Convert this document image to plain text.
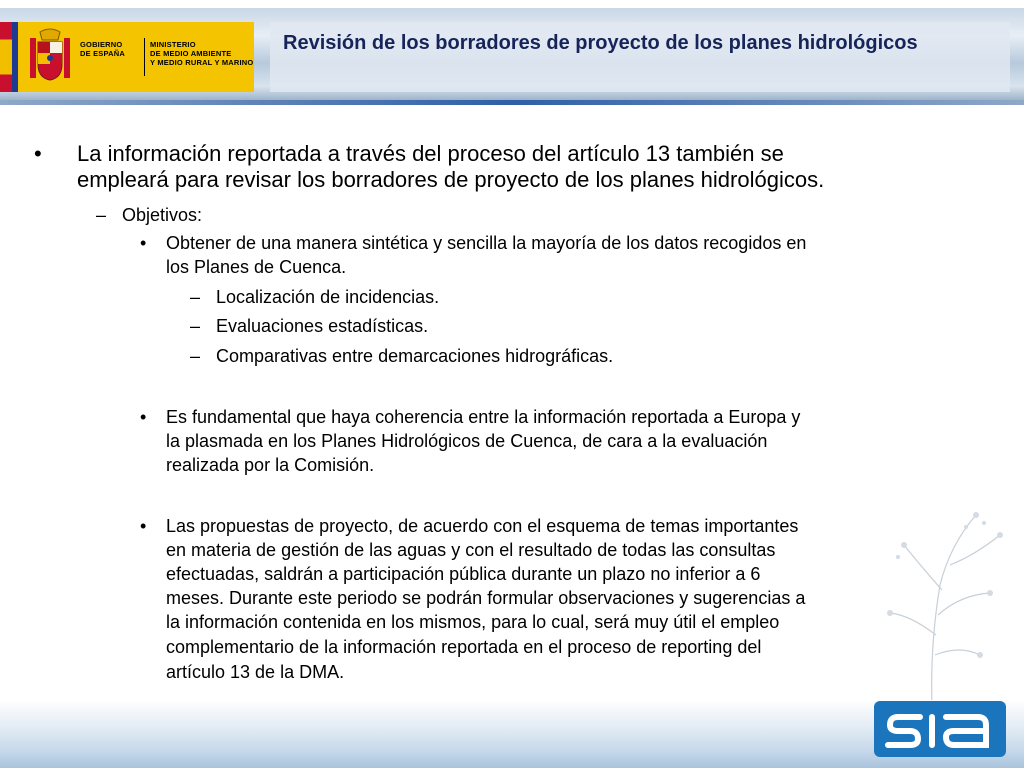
GOBIERNO
DE ESPAÑA
MINISTERIO
DE MEDIO AMBIENTE
Y MEDIO RURAL Y MARINO
Revisión de los borradores de proyecto de los planes hidrológicos
• La información reportada a través del proceso del artículo 13 también se
empleará para revisar los borradores de proyecto de los planes hidrológicos.
– Objetivos:
• Obtener de una manera sintética y sencilla la mayoría de los datos recogidos en
los Planes de Cuenca.
– Localización de incidencias.
– Evaluaciones estadísticas.
– Comparativas entre demarcaciones hidrográficas.
• Es fundamental que haya coherencia entre la información reportada a Europa y
la plasmada en los Planes Hidrológicos de Cuenca, de cara a la evaluación
realizada por la Comisión.
• Las propuestas de proyecto, de acuerdo con el esquema de temas importantes
en materia de gestión de las aguas y con el resultado de todas las consultas
efectuadas, saldrán a participación pública durante un plazo no inferior a 6
meses. Durante este periodo se podrán formular observaciones y sugerencias a
la información contenida en los mismos, para lo cual, será muy útil el empleo
complementario de la información reportada en el proceso de reporting del
artículo 13 de la DMA.
